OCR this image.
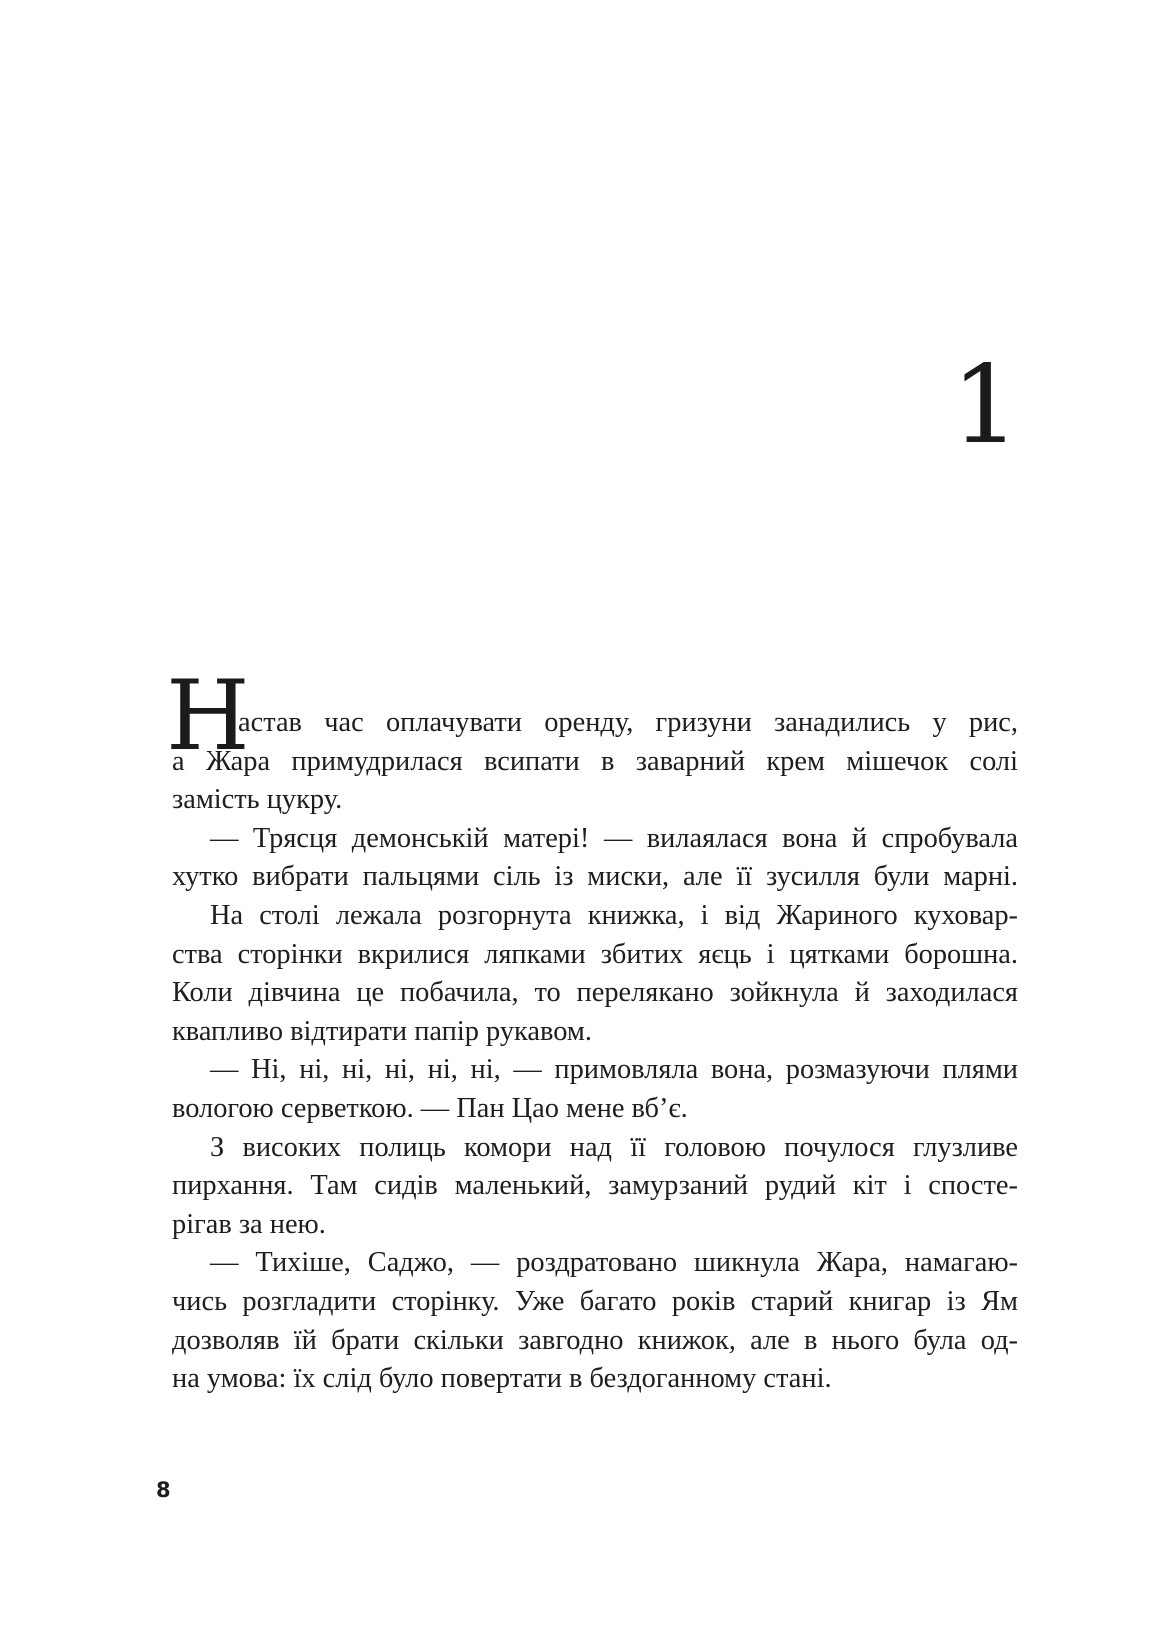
1
Н
астав час оплачувати оренду, гризуни занадились у рис,
а Жара примудрилася всипати в заварний крем мішечок солі
замість цукру.
— Трясця демонській матері! — вилаялася вона й спробувала
хутко вибрати пальцями сіль із миски, але її зусилля були марні.
На столі лежала розгорнута книжка, і від Жариного куховар-
ства сторінки вкрилися ляпками збитих яєць і цятками борошна.
Коли дівчина це побачила, то перелякано зойкнула й заходилася
квапливо відтирати папір рукавом.
— Ні, ні, ні, ні, ні, ні, — примовляла вона, розмазуючи плями
вологою серветкою. — Пан Цао мене вб’є.
З високих полиць комори над її головою почулося глузливе
пирхання. Там сидів маленький, замурзаний рудий кіт і спосте-
рігав за нею.
— Тихіше, Саджо, — роздратовано шикнула Жара, намагаю-
чись розгладити сторінку. Уже багато років старий книгар із Ям
дозволяв їй брати скільки завгодно книжок, але в нього була од-
на умова: їх слід було повертати в бездоганному стані.
8
